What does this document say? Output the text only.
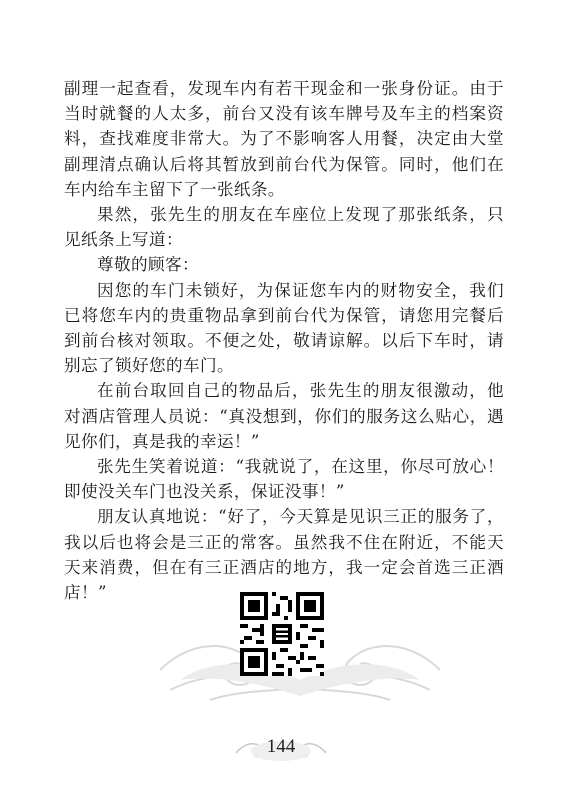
副理一起查看，发现车内有若干现金和一张身份证。由于当时就餐的人太多，前台又没有该车牌号及车主的档案资料，查找难度非常大。为了不影响客人用餐，决定由大堂副理清点确认后将其暂放到前台代为保管。同时，他们在车内给车主留下了一张纸条。

果然，张先生的朋友在车座位上发现了那张纸条，只见纸条上写道：

尊敬的顾客：

因您的车门未锁好，为保证您车内的财物安全，我们已将您车内的贵重物品拿到前台代为保管，请您用完餐后到前台核对领取。不便之处，敬请谅解。以后下车时，请别忘了锁好您的车门。

在前台取回自己的物品后，张先生的朋友很激动，他对酒店管理人员说：“真没想到，你们的服务这么贴心，遇见你们，真是我的幸运！”

张先生笑着说道：“我就说了，在这里，你尽可放心！即使没关车门也没关系，保证没事！”

朋友认真地说：“好了，今天算是见识三正的服务了，我以后也将会是三正的常客。虽然我不住在附近，不能天天来消费，但在有三正酒店的地方，我一定会首选三正酒店！”

144
